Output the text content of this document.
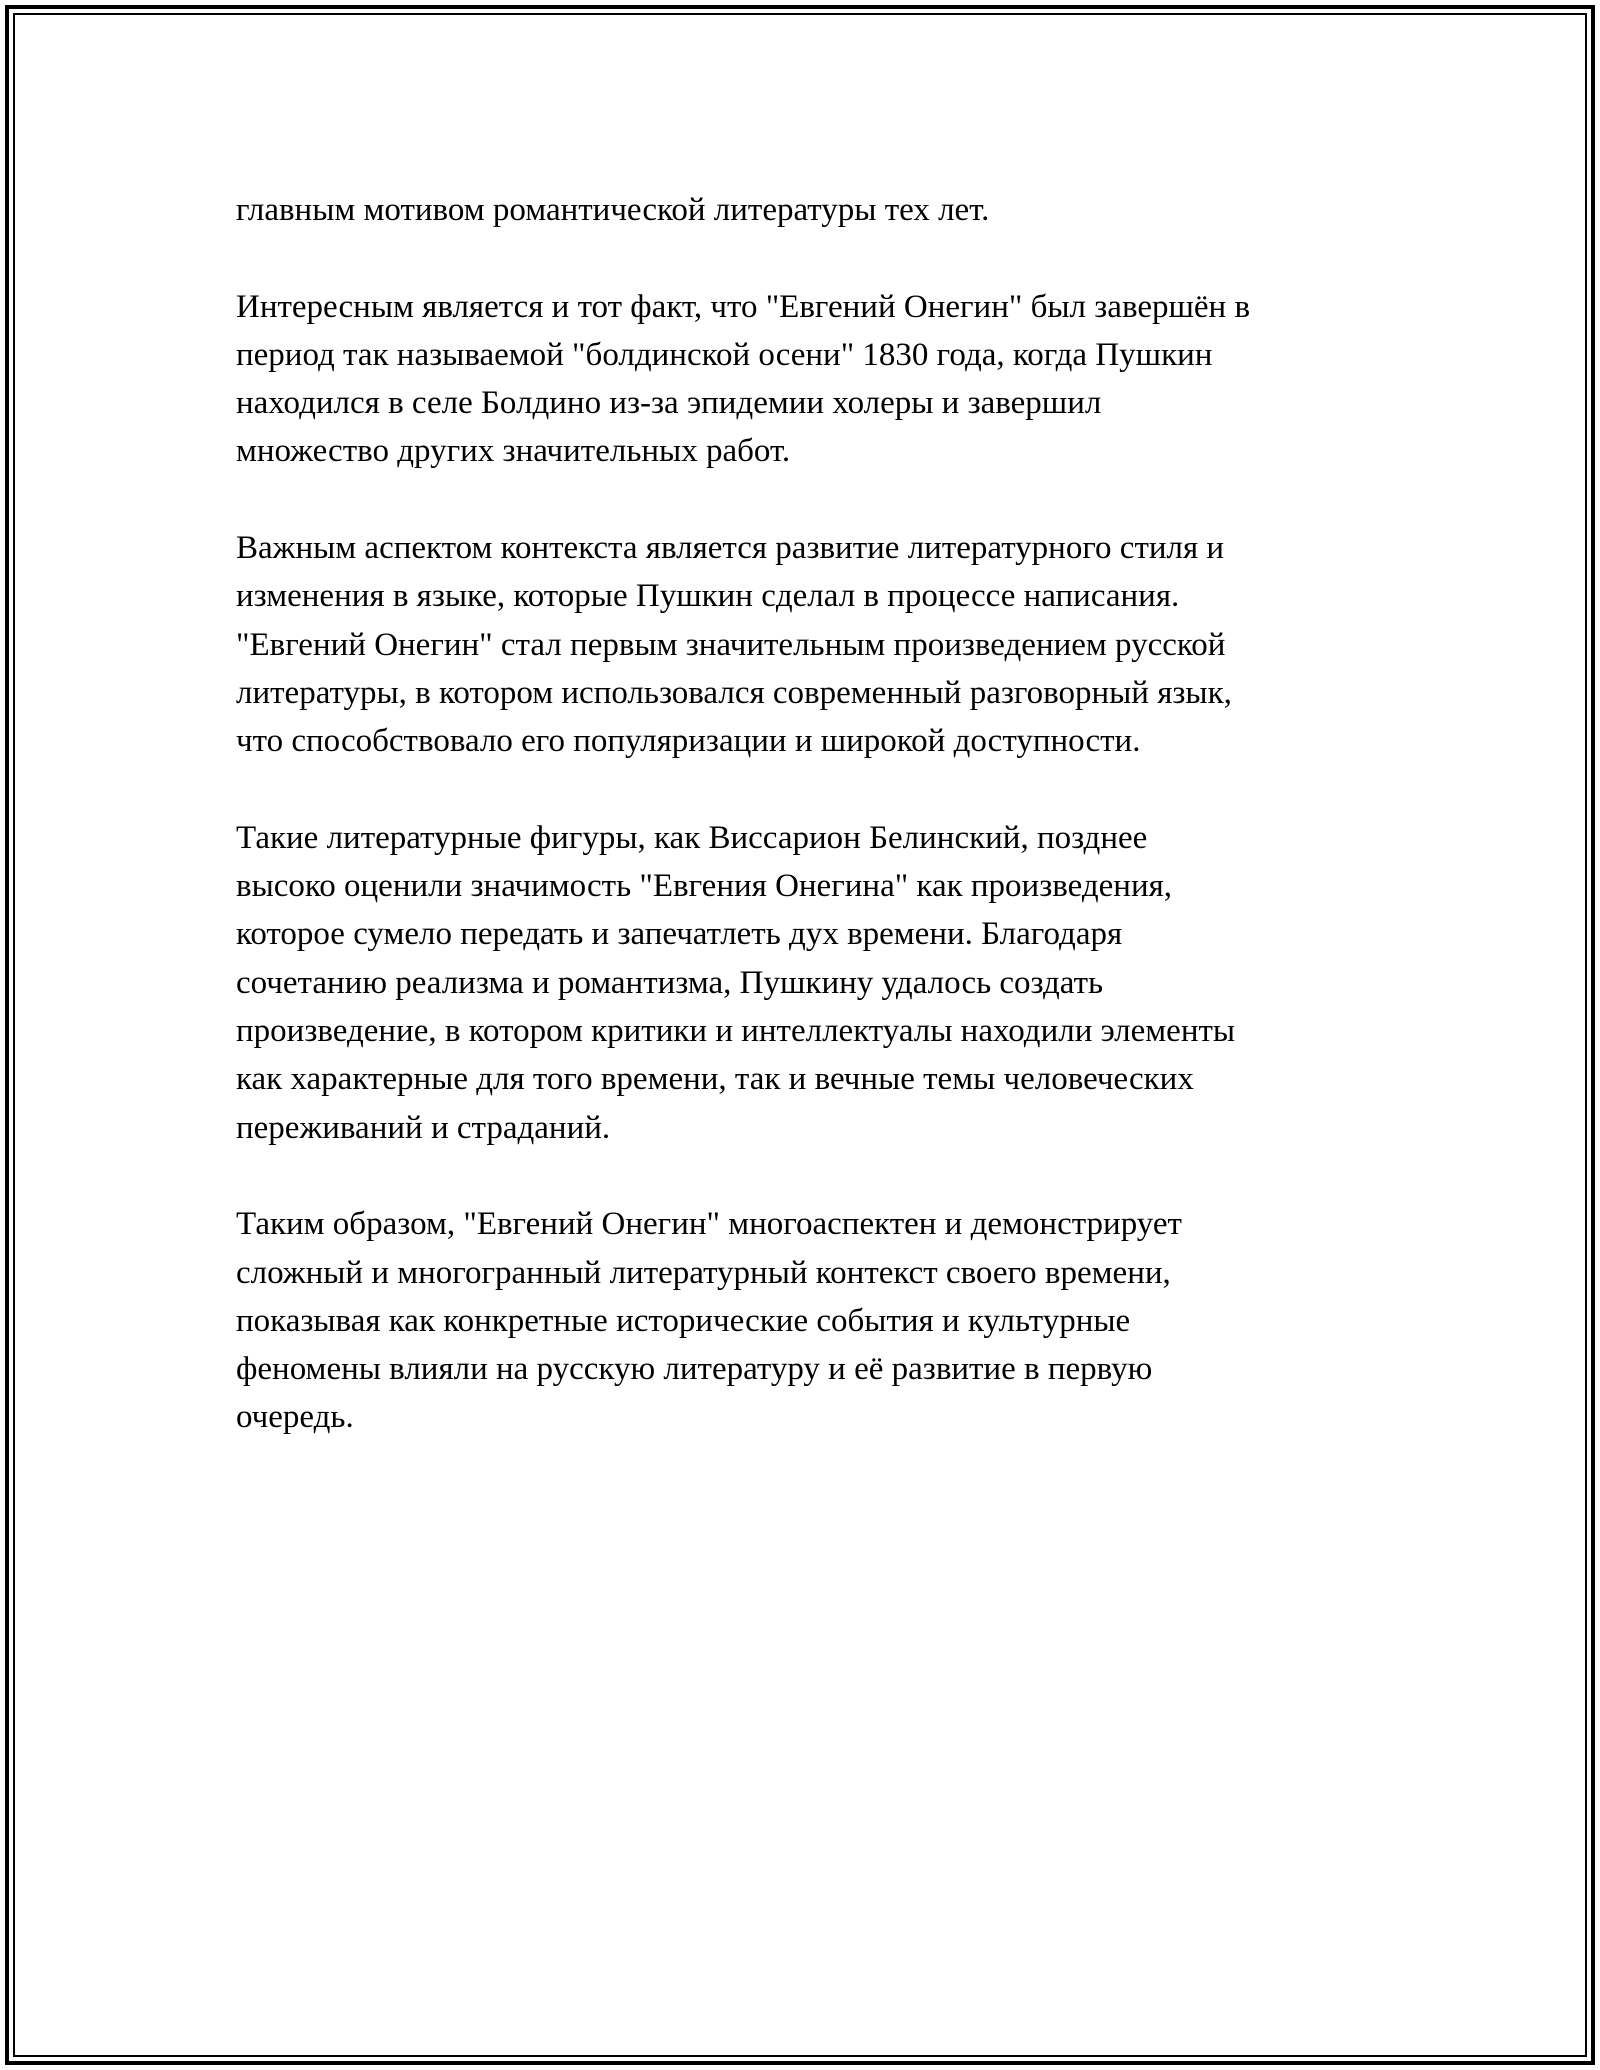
главным мотивом романтической литературы тех лет.

Интересным является и тот факт, что "Евгений Онегин" был завершён в
период так называемой "болдинской осени" 1830 года, когда Пушкин
находился в селе Болдино из-за эпидемии холеры и завершил
множество других значительных работ.

Важным аспектом контекста является развитие литературного стиля и
изменения в языке, которые Пушкин сделал в процессе написания.
"Евгений Онегин" стал первым значительным произведением русской
литературы, в котором использовался современный разговорный язык,
что способствовало его популяризации и широкой доступности.

Такие литературные фигуры, как Виссарион Белинский, позднее
высоко оценили значимость "Евгения Онегина" как произведения,
которое сумело передать и запечатлеть дух времени. Благодаря
сочетанию реализма и романтизма, Пушкину удалось создать
произведение, в котором критики и интеллектуалы находили элементы
как характерные для того времени, так и вечные темы человеческих
переживаний и страданий.

Таким образом, "Евгений Онегин" многоаспектен и демонстрирует
сложный и многогранный литературный контекст своего времени,
показывая как конкретные исторические события и культурные
феномены влияли на русскую литературу и её развитие в первую
очередь.
